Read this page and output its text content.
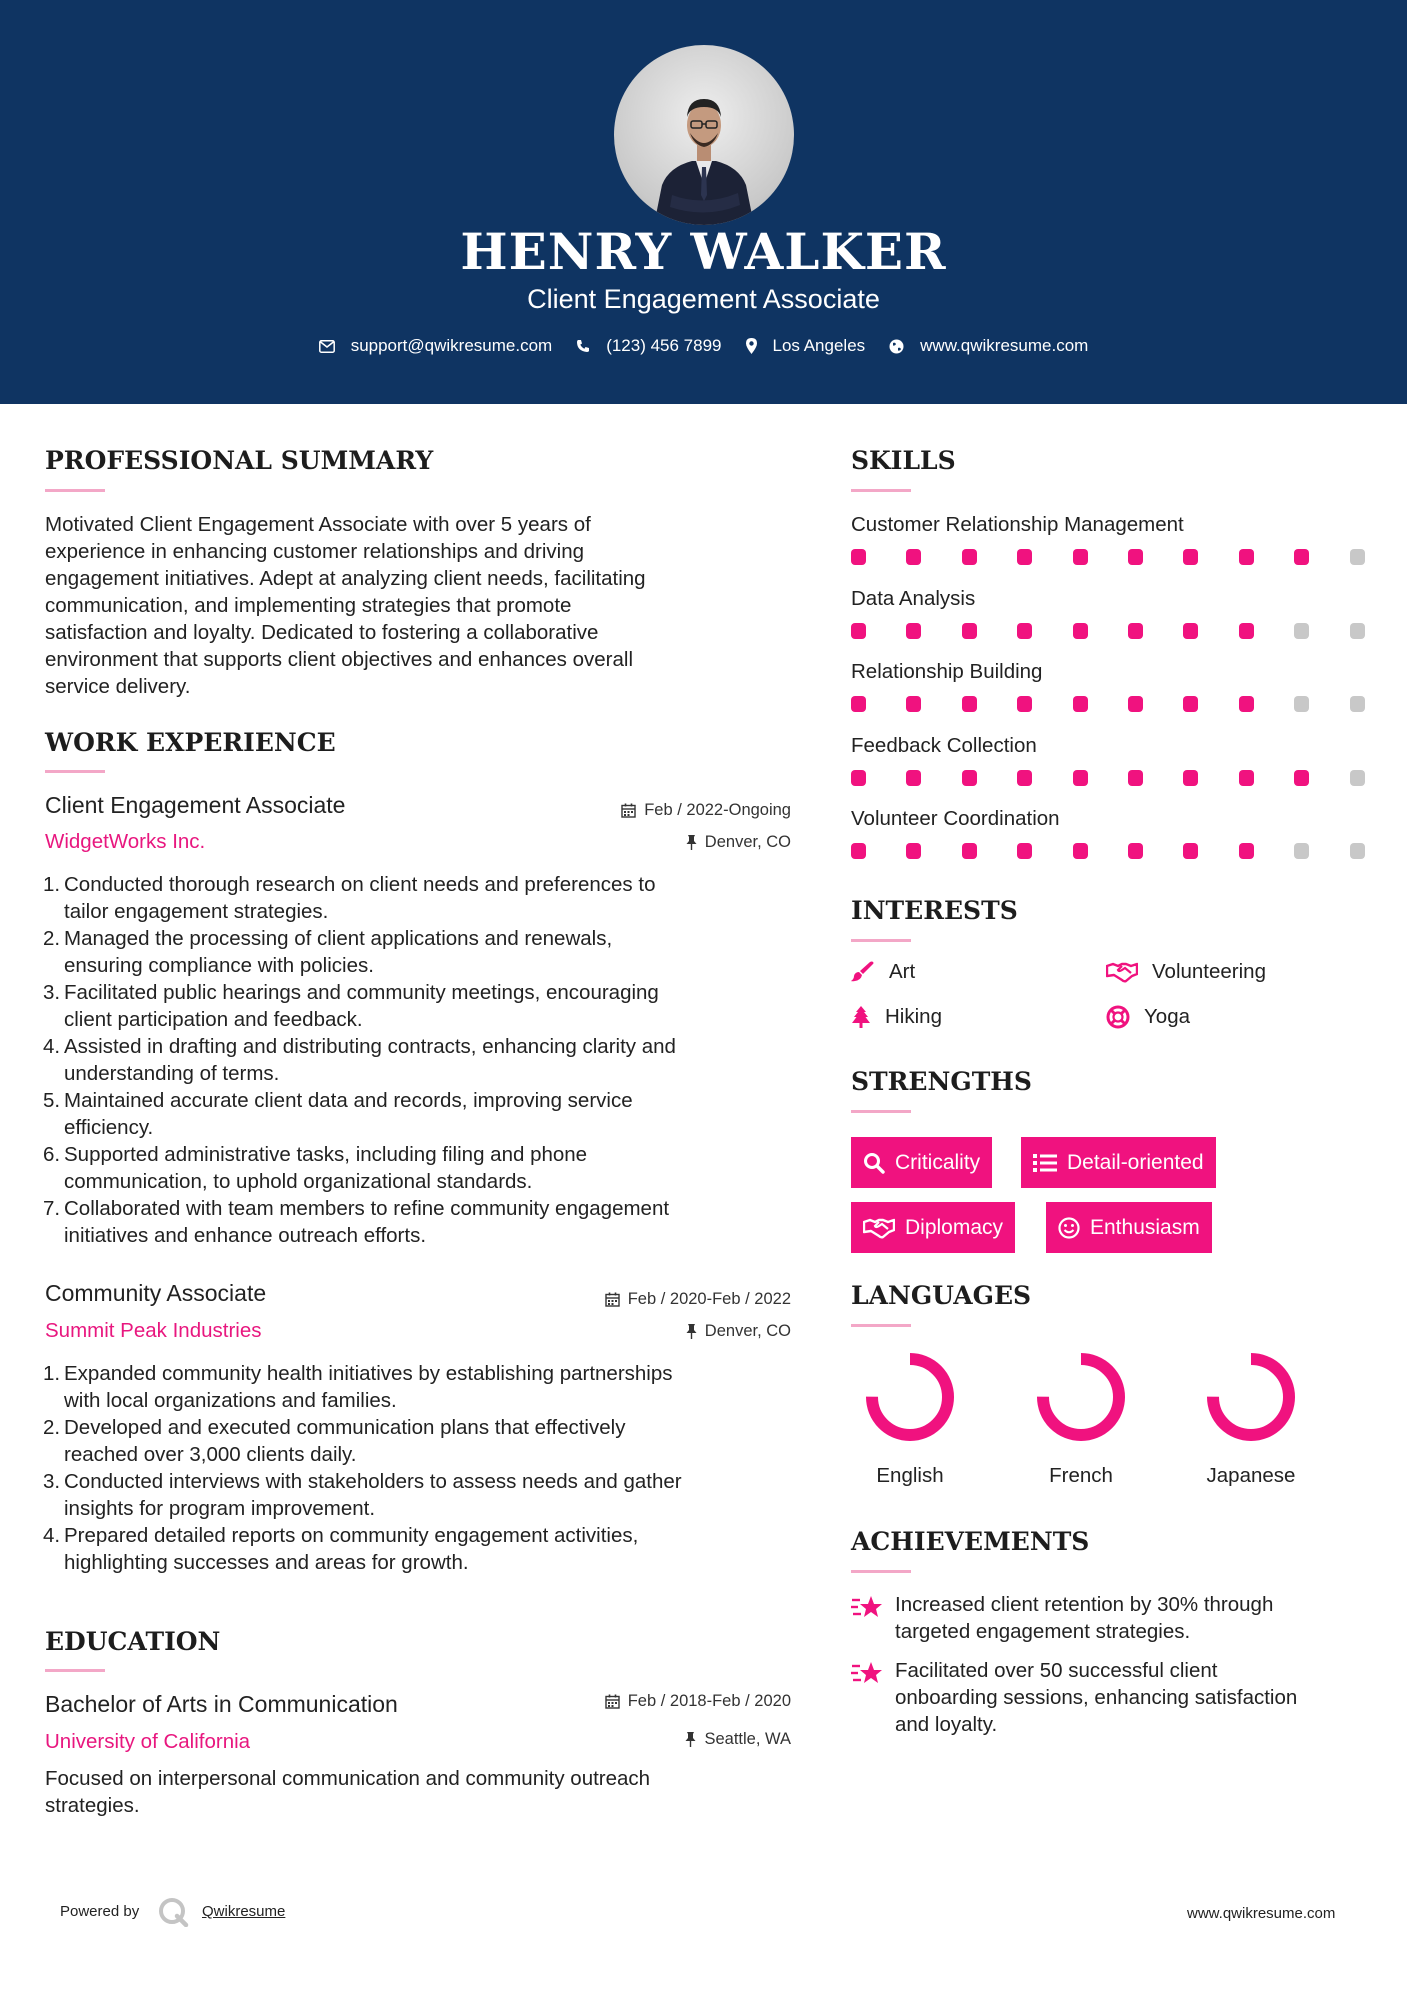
HENRY WALKER
Client Engagement Associate
support@qwikresume.com	(123) 456 7899	Los Angeles	www.qwikresume.com
PROFESSIONAL SUMMARY
Motivated Client Engagement Associate with over 5 years of
experience in enhancing customer relationships and driving
engagement initiatives. Adept at analyzing client needs, facilitating
communication, and implementing strategies that promote
satisfaction and loyalty. Dedicated to fostering a collaborative
environment that supports client objectives and enhances overall
service delivery.
WORK EXPERIENCE
Client Engagement Associate
WidgetWorks Inc.
Feb / 2022-Ongoing
Denver, CO
1. Conducted thorough research on client needs and preferences to
tailor engagement strategies.
2. Managed the processing of client applications and renewals,
ensuring compliance with policies.
3. Facilitated public hearings and community meetings, encouraging
client participation and feedback.
4. Assisted in drafting and distributing contracts, enhancing clarity and
understanding of terms.
5. Maintained accurate client data and records, improving service
efficiency.
6. Supported administrative tasks, including filing and phone
communication, to uphold organizational standards.
7. Collaborated with team members to refine community engagement
initiatives and enhance outreach efforts.
Community Associate
Summit Peak Industries
Feb / 2020-Feb / 2022
Denver, CO
1. Expanded community health initiatives by establishing partnerships
with local organizations and families.
2. Developed and executed communication plans that effectively
reached over 3,000 clients daily.
3. Conducted interviews with stakeholders to assess needs and gather
insights for program improvement.
4. Prepared detailed reports on community engagement activities,
highlighting successes and areas for growth.
EDUCATION
Bachelor of Arts in Communication
University of California
Feb / 2018-Feb / 2020
Seattle, WA
Focused on interpersonal communication and community outreach
strategies.
SKILLS
Customer Relationship Management
Data Analysis
Relationship Building
Feedback Collection
Volunteer Coordination
INTERESTS
Art	Volunteering
Hiking	Yoga
STRENGTHS
Criticality	Detail-oriented
Diplomacy	Enthusiasm
LANGUAGES
English	French	Japanese
ACHIEVEMENTS
Increased client retention by 30% through
targeted engagement strategies.
Facilitated over 50 successful client
onboarding sessions, enhancing satisfaction
and loyalty.
Powered by	Qwikresume	www.qwikresume.com
